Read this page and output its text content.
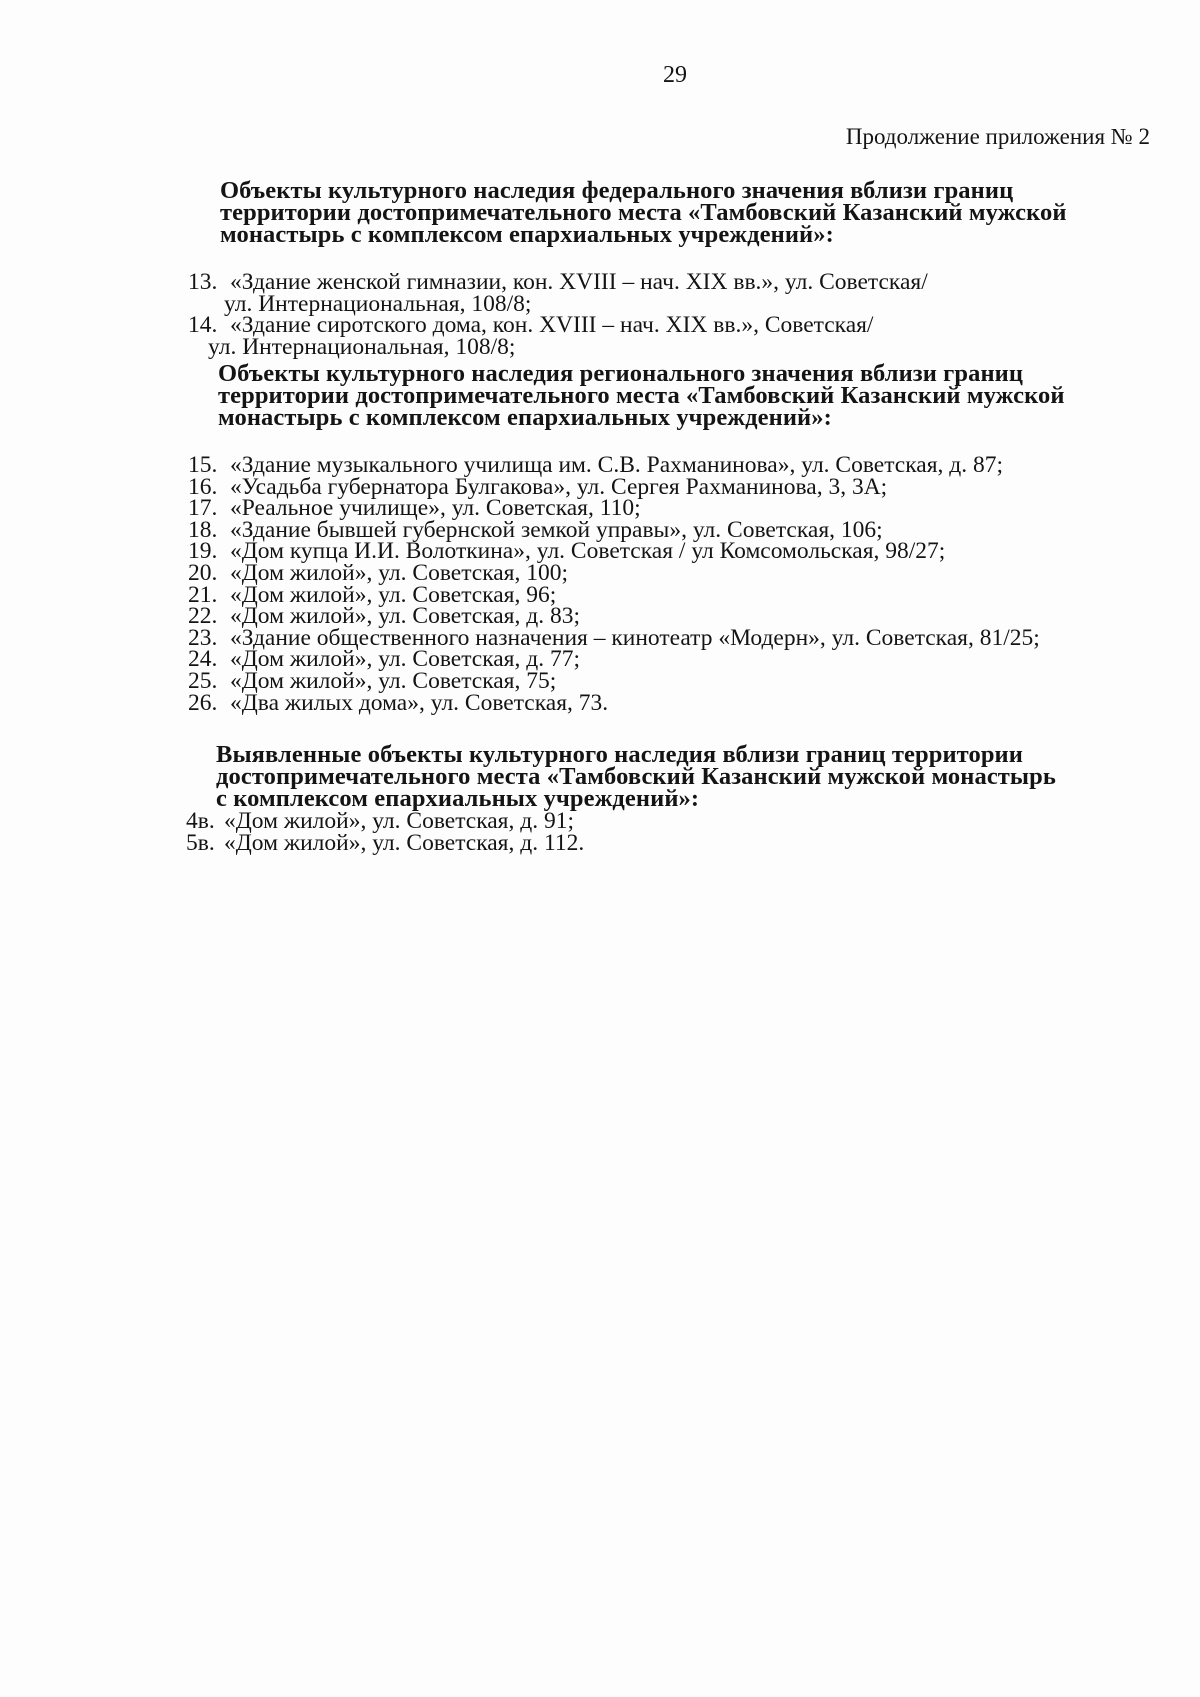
29
Продолжение приложения № 2
Объекты культурного наследия федерального значения вблизи границ
территории достопримечательного места «Тамбовский Казанский мужской
монастырь с комплексом епархиальных учреждений»:
13. «Здание женской гимназии, кон. XVIII – нач. XIX вв.», ул. Советская/
ул. Интернациональная, 108/8;
14. «Здание сиротского дома, кон. XVIII – нач. XIX вв.», Советская/
ул. Интернациональная, 108/8;
Объекты культурного наследия регионального значения вблизи границ
территории достопримечательного места «Тамбовский Казанский мужской
монастырь с комплексом епархиальных учреждений»:
15. «Здание музыкального училища им. С.В. Рахманинова», ул. Советская, д. 87;
16. «Усадьба губернатора Булгакова», ул. Сергея Рахманинова, 3, 3А;
17. «Реальное училище», ул. Советская, 110;
18. «Здание бывшей губернской земкой управы», ул. Советская, 106;
19. «Дом купца И.И. Волоткина», ул. Советская / ул Комсомольская, 98/27;
20. «Дом жилой», ул. Советская, 100;
21. «Дом жилой», ул. Советская, 96;
22. «Дом жилой», ул. Советская, д. 83;
23. «Здание общественного назначения – кинотеатр «Модерн», ул. Советская, 81/25;
24. «Дом жилой», ул. Советская, д. 77;
25. «Дом жилой», ул. Советская, 75;
26. «Два жилых дома», ул. Советская, 73.
Выявленные объекты культурного наследия вблизи границ территории
достопримечательного места «Тамбовский Казанский мужской монастырь
с комплексом епархиальных учреждений»:
4в. «Дом жилой», ул. Советская, д. 91;
5в. «Дом жилой», ул. Советская, д. 112.
